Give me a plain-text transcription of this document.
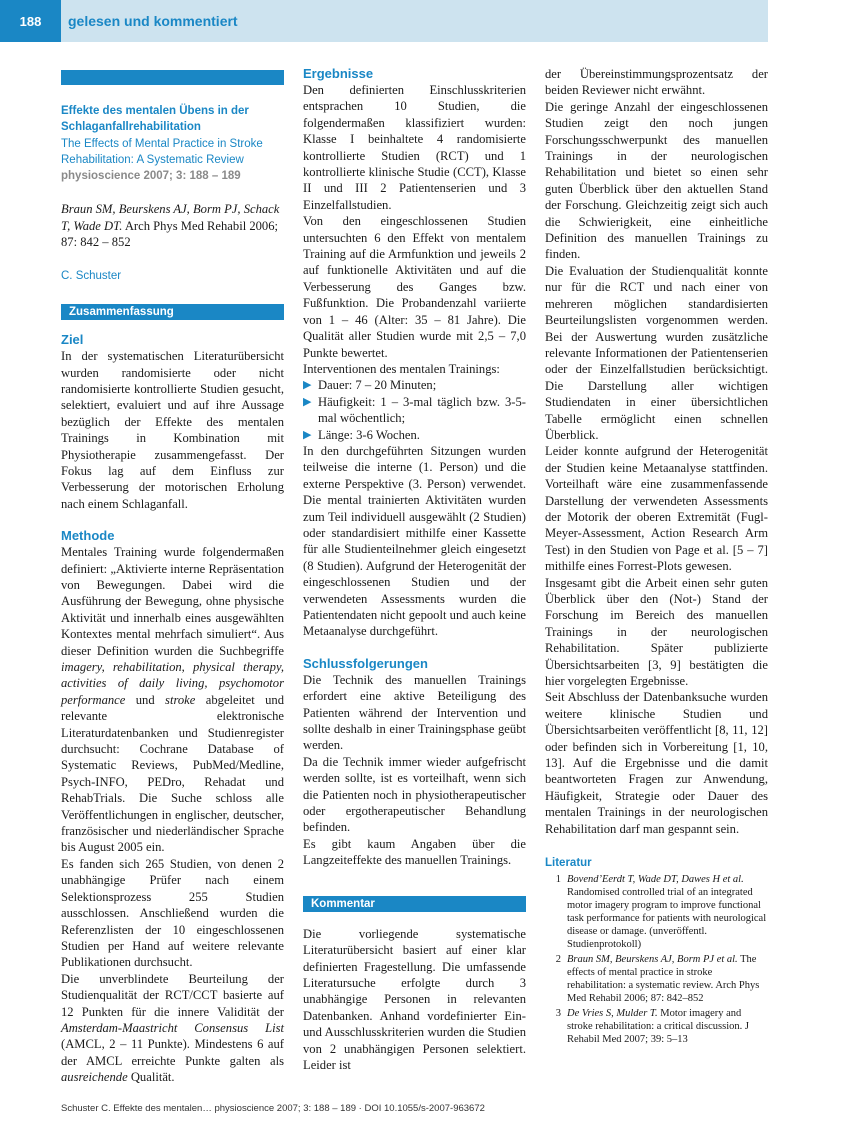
188	gelesen und kommentiert
Effekte des mentalen Übens in der Schlaganfallrehabilitation
The Effects of Mental Practice in Stroke Rehabilitation: A Systematic Review
physioscience 2007; 3: 188 – 189
Braun SM, Beurskens AJ, Borm PJ, Schack T, Wade DT. Arch Phys Med Rehabil 2006; 87: 842 – 852
C. Schuster
Zusammenfassung
Ziel

In der systematischen Literaturübersicht wurden randomisierte oder nicht randomisierte kontrollierte Studien gesucht, selektiert, evaluiert und auf ihre Aussage bezüglich der Effekte des mentalen Trainings in Kombination mit Physiotherapie zusammengefasst. Der Fokus lag auf dem Einfluss zur Verbesserung der motorischen Erholung nach einem Schlaganfall.

Methode

Mentales Training wurde folgendermaßen definiert: „Aktivierte interne Repräsentation von Bewegungen. Dabei wird die Ausführung der Bewegung, ohne physische Aktivität und innerhalb eines ausgewählten Kontextes mental mehrfach simuliert“. Aus dieser Definition wurden die Suchbegriffe imagery, rehabilitation, physical therapy, activities of daily living, psychomotor performance und stroke abgeleitet und relevante elektronische Literaturdatenbanken und Studienregister durchsucht: Cochrane Database of Systematic Reviews, PubMed/Medline, Psych-INFO, PEDro, Rehadat und RehabTrials. Die Suche schloss alle Veröffentlichungen in englischer, deutscher, französischer und niederländischer Sprache bis August 2005 ein.

Es fanden sich 265 Studien, von denen 2 unabhängige Prüfer nach einem Selektionsprozess 255 Studien ausschlossen. Anschließend wurden die Referenzlisten der 10 eingeschlossenen Studien per Hand auf weitere relevante Publikationen durchsucht.

Die unverblindete Beurteilung der Studienqualität der RCT/CCT basierte auf 12 Punkten für die innere Validität der Amsterdam-Maastricht Consensus List (AMCL, 2 – 11 Punkte). Mindestens 6 auf der AMCL erreichte Punkte galten als ausreichende Qualität.

Ergebnisse

Den definierten Einschlusskriterien entsprachen 10 Studien, die folgendermaßen klassifiziert wurden: Klasse I beinhaltete 4 randomisierte kontrollierte Studien (RCT) und 1 kontrollierte klinische Studie (CCT), Klasse II und III 2 Patientenserien und 3 Einzelfallstudien.

Von den eingeschlossenen Studien untersuchten 6 den Effekt von mentalem Training auf die Armfunktion und jeweils 2 auf funktionelle Aktivitäten und auf die Verbesserung des Ganges bzw. Fußfunktion. Die Probandenzahl variierte von 1 – 46 (Alter: 35 – 81 Jahre). Die Qualität aller Studien wurde mit 2,5 – 7,0 Punkte bewertet.

Interventionen des mentalen Trainings:

▶ Dauer: 7 – 20 Minuten;
▶ Häufigkeit: 1 – 3-mal täglich bzw. 3-5-mal wöchentlich;
▶ Länge: 3-6 Wochen.

In den durchgeführten Sitzungen wurden teilweise die interne (1. Person) und die externe Perspektive (3. Person) verwendet. Die mental trainierten Aktivitäten wurden zum Teil individuell ausgewählt (2 Studien) oder standardisiert mithilfe einer Kassette für alle Studienteilnehmer gleich eingesetzt (8 Studien). Aufgrund der Heterogenität der eingeschlossenen Studien und der verwendeten Assessments wurden die Patientendaten nicht gepoolt und auch keine Metaanalyse durchgeführt.

Schlussfolgerungen

Die Technik des manuellen Trainings erfordert eine aktive Beteiligung des Patienten während der Intervention und sollte deshalb in einer Trainingsphase geübt werden.

Da die Technik immer wieder aufgefrischt werden sollte, ist es vorteilhaft, wenn sich die Patienten noch in physiotherapeutischer oder ergotherapeutischer Behandlung befinden.

Es gibt kaum Angaben über die Langzeiteffekte des manuellen Trainings.

Kommentar

Die vorliegende systematische Literaturübersicht basiert auf einer klar definierten Fragestellung. Die umfassende Literatursuche erfolgte durch 3 unabhängige Personen in relevanten Datenbanken. Anhand vordefinierter Ein- und Ausschlusskriterien wurden die Studien von 2 unabhängigen Personen selektiert. Leider ist

der Übereinstimmungsprozentsatz der beiden Reviewer nicht erwähnt.

Die geringe Anzahl der eingeschlossenen Studien zeigt den noch jungen Forschungsschwerpunkt des manuellen Trainings in der neurologischen Rehabilitation und bietet so einen sehr guten Überblick über den aktuellen Stand der Forschung. Gleichzeitig zeigt sich auch die Schwierigkeit, eine einheitliche Definition des manuellen Trainings zu finden.

Die Evaluation der Studienqualität konnte nur für die RCT und nach einer von mehreren möglichen standardisierten Beurteilungslisten vorgenommen werden. Bei der Auswertung wurden zusätzliche relevante Informationen der Patientenserien oder der Einzelfallstudien berücksichtigt. Die Darstellung aller wichtigen Studiendaten in einer übersichtlichen Tabelle ermöglicht einen schnellen Überblick.

Leider konnte aufgrund der Heterogenität der Studien keine Metaanalyse stattfinden. Vorteilhaft wäre eine zusammenfassende Darstellung der verwendeten Assessments der Motorik der oberen Extremität (Fugl-Meyer-Assessment, Action Research Arm Test) in den Studien von Page et al. [5 – 7] mithilfe eines Forrest-Plots gewesen.

Insgesamt gibt die Arbeit einen sehr guten Überblick über den (Not-) Stand der Forschung im Bereich des manuellen Trainings in der neurologischen Rehabilitation. Später publizierte Übersichtsarbeiten [3, 9] bestätigten die hier vorgelegten Ergebnisse.

Seit Abschluss der Datenbanksuche wurden weitere klinische Studien und Übersichtsarbeiten veröffentlicht [8, 11, 12] oder befinden sich in Vorbereitung [1, 10, 13]. Auf die Ergebnisse und die damit beantworteten Fragen zur Anwendung, Häufigkeit, Strategie oder Dauer des mentalen Trainings in der neurologischen Rehabilitation darf man gespannt sein.

Literatur
1 Bovend’Eerdt T, Wade DT, Dawes H et al. Randomised controlled trial of an integrated motor imagery program to improve functional task performance for patients with neurological disease or damage. (unveröffentl. Studienprotokoll)
2 Braun SM, Beurskens AJ, Borm PJ et al. The effects of mental practice in stroke rehabilitation: a systematic review. Arch Phys Med Rehabil 2006; 87: 842–852
3 De Vries S, Mulder T. Motor imagery and stroke rehabilitation: a critical discussion. J Rehabil Med 2007; 39: 5–13
Schuster C. Effekte des mentalen… physioscience 2007; 3: 188 – 189 · DOI 10.1055/s-2007-963672
